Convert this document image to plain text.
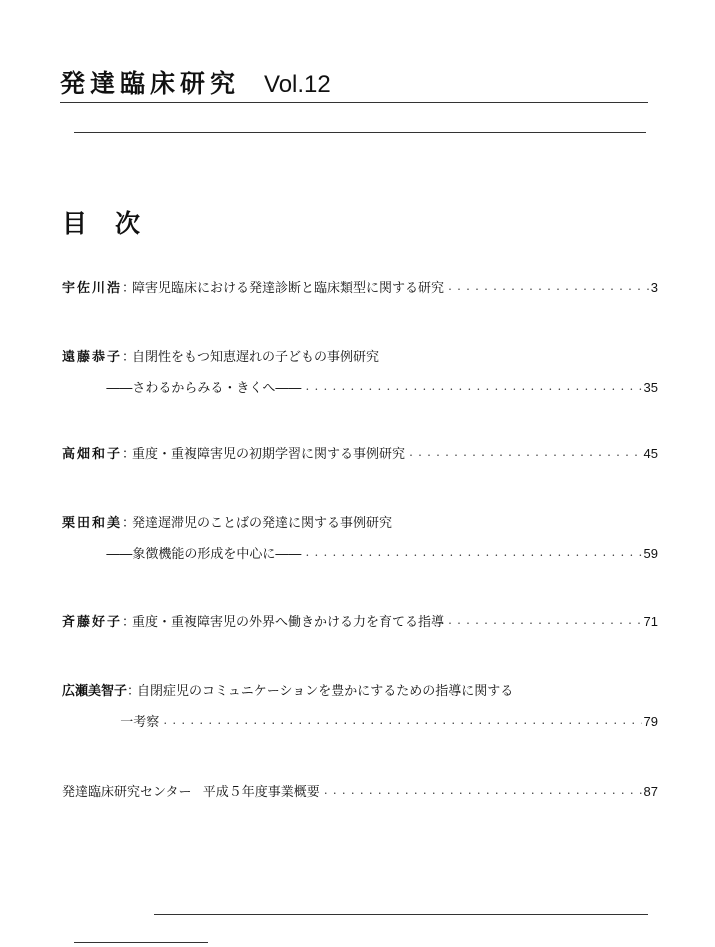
発達臨床研究 Vol.12
目次
宇佐川浩 ：
障害児臨床における発達診断と臨床類型に関する研究 ・・・・・・・・・・・・・・・・・・・・・・・・・・・・・・・・・・・・・・・・・・・・・・・・・・・・・・・・・・・・・・・・・・・・・・・・・・・・・・・・・・・・・・・・	3
遠藤恭子 ：
自閉性をもつ知恵遅れの子どもの事例研究
――さわるからみる・きくへ―― ・・・・・・・・・・・・・・・・・・・・・・・・・・・・・・・・・・・・・・・・・・・・・・・・・・・・・・・・・・・・・・・・・・・・・・・・・・・・・・・・・・・・・・・・	35
高畑和子 ：
重度・重複障害児の初期学習に関する事例研究 ・・・・・・・・・・・・・・・・・・・・・・・・・・・・・・・・・・・・・・・・・・・・・・・・・・・・・・・・・・・・・・・・・・・・・・・・・・・・・・・・・・・・・・・・	45
栗田和美 ：
発達遅滞児のことばの発達に関する事例研究
――象徴機能の形成を中心に―― ・・・・・・・・・・・・・・・・・・・・・・・・・・・・・・・・・・・・・・・・・・・・・・・・・・・・・・・・・・・・・・・・・・・・・・・・・・・・・・・・・・・・・・・・	59
斉藤好子 ：
重度・重複障害児の外界へ働きかける力を育てる指導 ・・・・・・・・・・・・・・・・・・・・・・・・・・・・・・・・・・・・・・・・・・・・・・・・・・・・・・・・・・・・・・・・・・・・・・・・・・・・・・・・・・・・・・・・	71
広瀬美智子 ：
自閉症児のコミュニケーションを豊かにするための指導に関する
一考察 ・・・・・・・・・・・・・・・・・・・・・・・・・・・・・・・・・・・・・・・・・・・・・・・・・・・・・・・・・・・・・・・・・・・・・・・・・・・・・・・・・・・・・・・・	79
発達臨床研究センター 平成５年度事業概要 ・・・・・・・・・・・・・・・・・・・・・・・・・・・・・・・・・・・・・・・・・・・・・・・・・・・・・・・・・・・・・・・・・・・・・・・・・・・・・・・・・・・・・・・・	87
